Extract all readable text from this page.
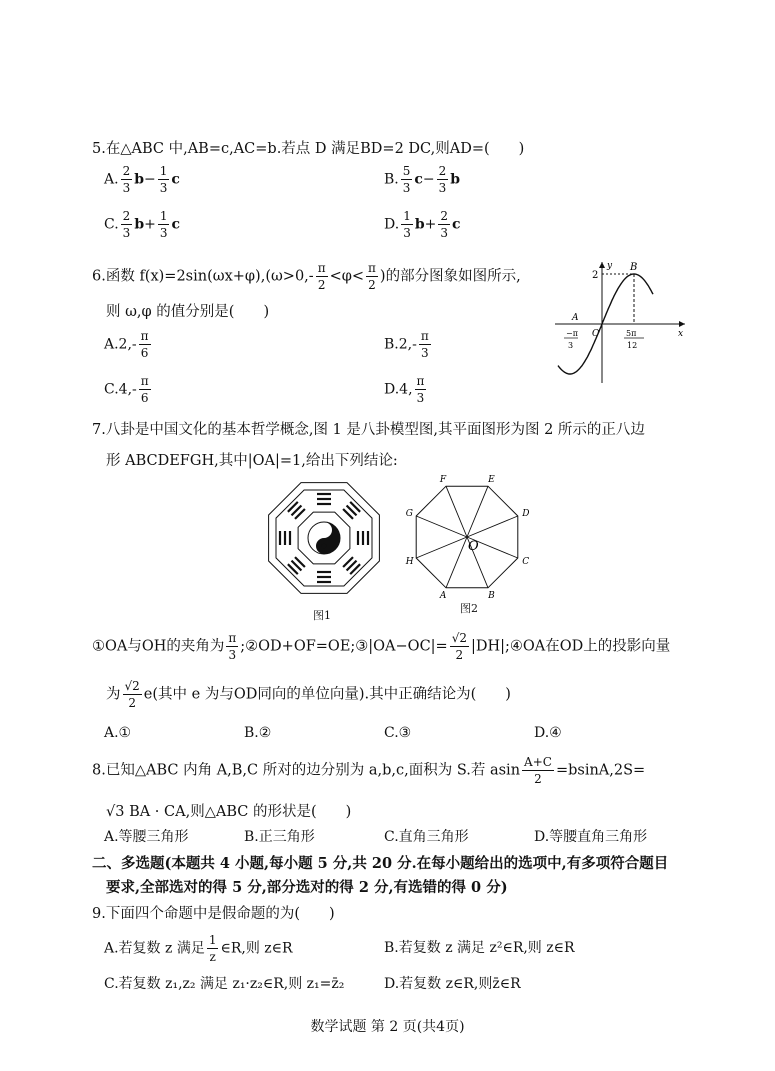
5.在△ABC 中,AB=c,AC=b.若点 D 满足BD=2 DC,则AD=(　　)
A. $\frac{2}{3} b- \frac{1}{3}$ c	B. $\frac{5}{3} c- \frac{2}{3}$ b
C. $\frac{2}{3} b+ \frac{1}{3}$ c	D. $\frac{1}{3} b+ \frac{2}{3}$ c
6.函数 $f(x)=2\sin(\omega x+\varphi),(\omega>0,- \frac{\pi}{2} <\varphi< \frac{\pi}{2}$ )的部分图象如图所示,
则 ω,φ 的值分别是(　　)
$A.2,- \frac{\pi}{6}$	$B.2,- \frac{\pi}{3}$
$C.4,- \frac{\pi}{6}$	D.4, $\frac{\pi}{3}$
y
x
2
B
A
O
−π
3
5π
12
7.八卦是中国文化的基本哲学概念,图 1 是八卦模型图,其平面图形为图 2 所示的正八边
形 ABCDEFGH,其中|OA|=1,给出下列结论:
图1
A	B
C
D
E
F
G
H
O
图2
①OA与OH的夹角为 $\frac{\pi}{3}$ ;②OD+OF=OE;③|OA−OC|= $\frac{√2}{2}$ |DH|;④OA在OD上的投影向量
为 $\frac{√2}{2} e$(其中 e 为与OD同向的单位向量).其中正确结论为(　　)
A.①	B.②	C.③	D.④
8.已知△ABC 内角 A,B,C 所对的边分别为 a,b,c,面积为 S.若 asin $\frac{A+C}{2} =bsinA,2S=$
√3 BA · CA,则△ABC 的形状是(　　)
A.等腰三角形	B.正三角形	C.直角三角形	D.等腰直角三角形
二、多选题(本题共 4 小题,每小题 5 分,共 20 分.在每小题给出的选项中,有多项符合题目
要求,全部选对的得 5 分,部分选对的得 2 分,有选错的得 0 分)
9.下面四个命题中是假命题的为(　　)
A.若复数 z 满足 $\frac{1}{z}$ ∈R,则 z∈R	B.若复数 z 满足 z²∈R,则 z∈R
C.若复数 z₁,z₂ 满足 z₁·z₂∈R,则 z₁=z̄₂	D.若复数 z∈R,则z̄∈R
数学试题 第 2 页(共4页)
